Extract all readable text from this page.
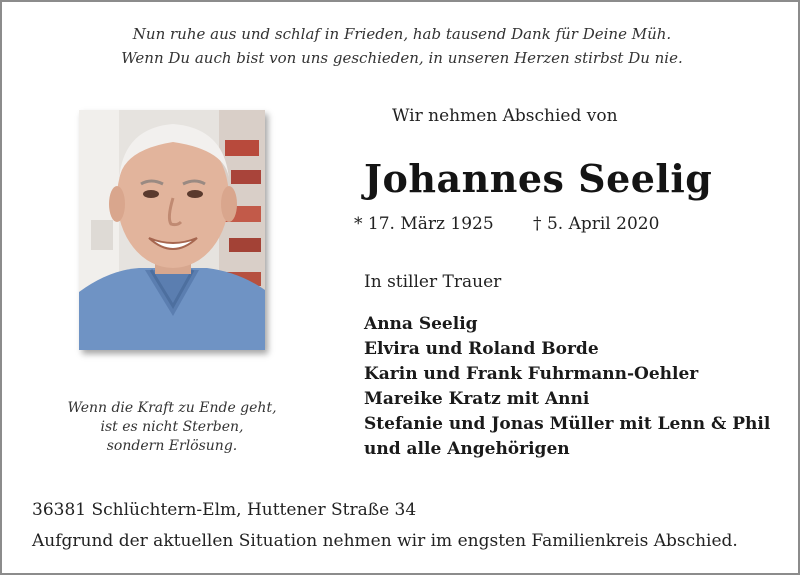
Nun ruhe aus und schlaf in Frieden, hab tausend Dank für Deine Müh.
Wenn Du auch bist von uns geschieden, in unseren Herzen stirbst Du nie.
Wenn die Kraft zu Ende geht,
ist es nicht Sterben,
sondern Erlösung.
Wir nehmen Abschied von
Johannes Seelig
* 17. März 1925 † 5. April 2020
In stiller Trauer
Anna Seelig
Elvira und Roland Borde
Karin und Frank Fuhrmann-Oehler
Mareike Kratz mit Anni
Stefanie und Jonas Müller mit Lenn & Phil
und alle Angehörigen
36381 Schlüchtern-Elm, Huttener Straße 34
Aufgrund der aktuellen Situation nehmen wir im engsten Familienkreis Abschied.
